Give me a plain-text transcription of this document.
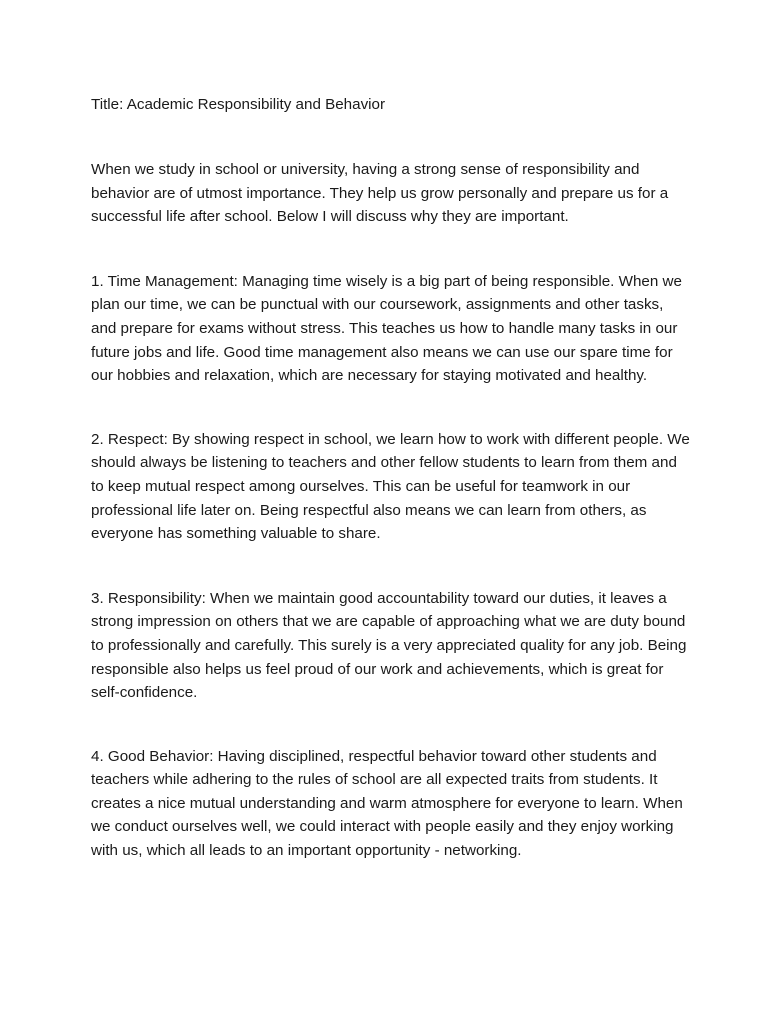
Title: Academic Responsibility and Behavior

When we study in school or university, having a strong sense of responsibility and behavior are of utmost importance. They help us grow personally and prepare us for a successful life after school. Below I will discuss why they are important.

1. Time Management: Managing time wisely is a big part of being responsible. When we plan our time, we can be punctual with our coursework, assignments and other tasks, and prepare for exams without stress. This teaches us how to handle many tasks in our future jobs and life. Good time management also means we can use our spare time for our hobbies and relaxation, which are necessary for staying motivated and healthy.

2. Respect: By showing respect in school, we learn how to work with different people. We should always be listening to teachers and other fellow students to learn from them and to keep mutual respect among ourselves. This can be useful for teamwork in our professional life later on. Being respectful also means we can learn from others, as everyone has something valuable to share.

3. Responsibility: When we maintain good accountability toward our duties, it leaves a strong impression on others that we are capable of approaching what we are duty bound to professionally and carefully. This surely is a very appreciated quality for any job. Being responsible also helps us feel proud of our work and achievements, which is great for self-confidence.

4. Good Behavior: Having disciplined, respectful behavior toward other students and teachers while adhering to the rules of school are all expected traits from students. It creates a nice mutual understanding and warm atmosphere for everyone to learn. When we conduct ourselves well, we could interact with people easily and they enjoy working with us, which all leads to an important opportunity - networking.
